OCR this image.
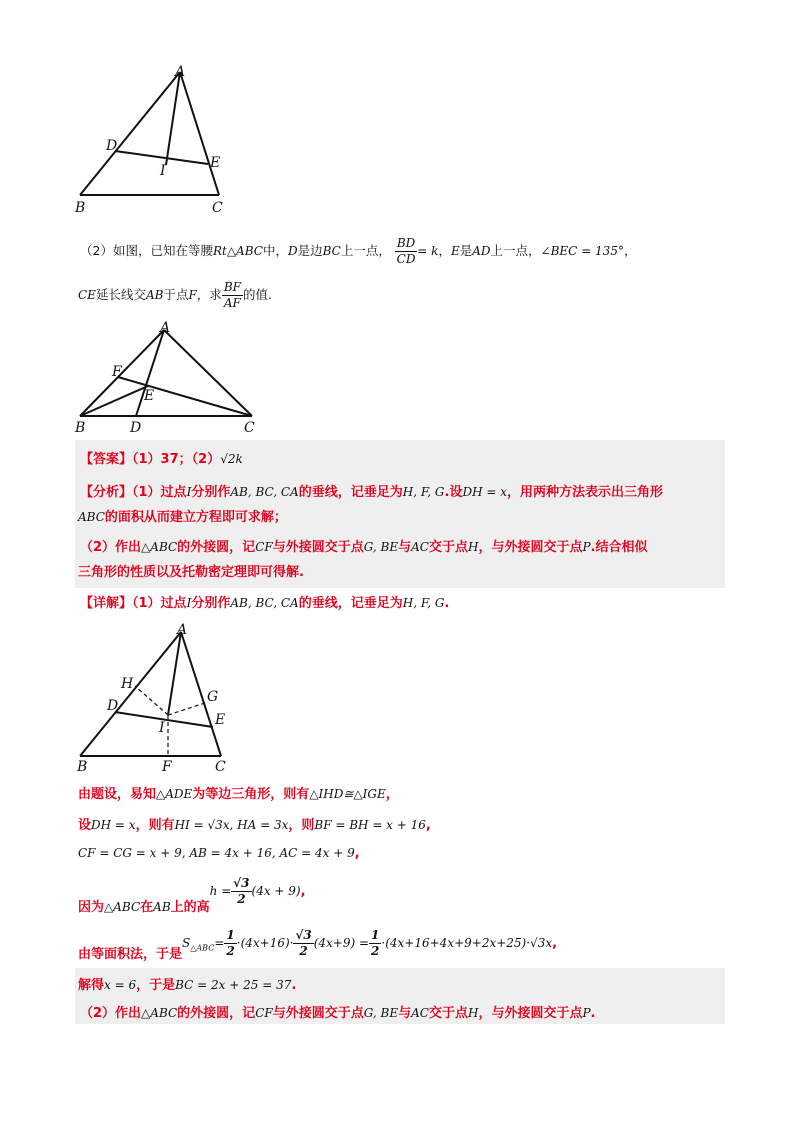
A
B	C
D
E
I
（2）如图，已知在等腰Rt△ABC中，D是边BC上一点， $\frac{BD}{CD} = k$，E是AD上一点，∠BEC = 135°，
CE延长线交AB于点F，求 $\frac{BF}{AF}$ 的值.
A
B	C
D
E
F
【答案】（1）37；（2）√2k
【分析】（1）过点I分别作AB, BC, CA的垂线，记垂足为H, F, G.设DH = x，用两种方法表示出三角形
ABC的面积从而建立方程即可求解；
（2）作出△ABC的外接圆，记CF与外接圆交于点G, BE与AC交于点H，与外接圆交于点P.结合相似
三角形的性质以及托勒密定理即可得解.
【详解】（1）过点I分别作AB, BC, CA的垂线，记垂足为H, F, G.
A
B	C
D
E
F
G
H
I
由题设，易知△ADE为等边三角形，则有△IHD≅△IGE，
设DH = x，则有HI = √3x, HA = 3x，则BF = BH = x + 16,
CF = CG = x + 9, AB = 4x + 16, AC = 4x + 9,
因为△ABC在AB上的高$h = \frac{√3}{2} (4x + 9)$,
由等面积法，于是$S_{\triangle ABC}= \frac{1}{2} \cdot(4x+16)\cdot \frac{√3}{2} (4x+9) = \frac{1}{2} \cdot(4x+16+4x+9+2x+25)\cdot√3x$,
解得x = 6，于是BC = 2x + 25 = 37.
（2）作出△ABC的外接圆，记CF与外接圆交于点G, BE与AC交于点H，与外接圆交于点P.
